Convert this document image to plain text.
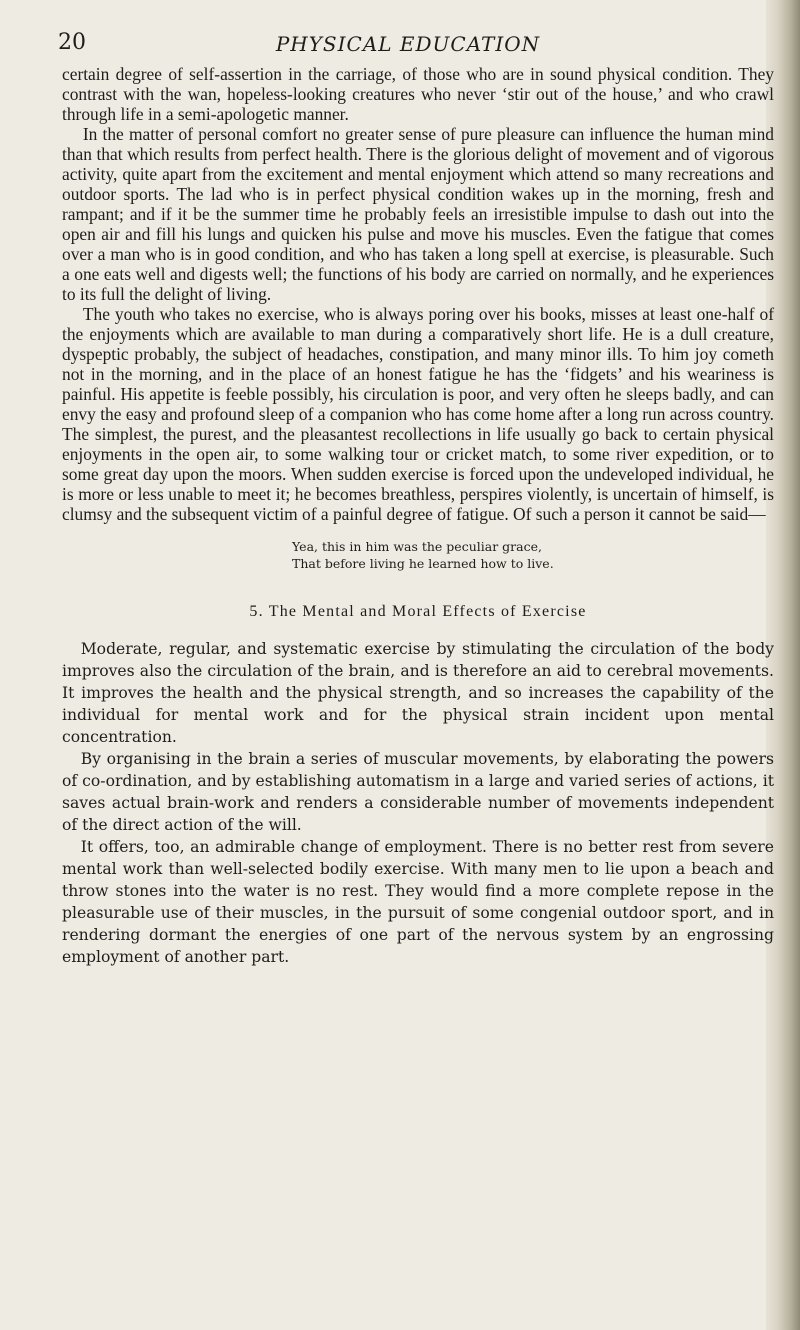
20	PHYSICAL EDUCATION

certain degree of self-assertion in the carriage, of those who are in sound physical condition. They contrast with the wan, hopeless-looking creatures who never ‘stir out of the house,’ and who crawl through life in a semi-apologetic manner.

In the matter of personal comfort no greater sense of pure pleasure can influence the human mind than that which results from perfect health. There is the glorious delight of movement and of vigorous activity, quite apart from the excitement and mental enjoyment which attend so many recreations and outdoor sports. The lad who is in perfect physical condition wakes up in the morning, fresh and rampant; and if it be the summer time he probably feels an irresistible impulse to dash out into the open air and fill his lungs and quicken his pulse and move his muscles. Even the fatigue that comes over a man who is in good condition, and who has taken a long spell at exercise, is pleasurable. Such a one eats well and digests well; the functions of his body are carried on normally, and he experiences to its full the delight of living.

The youth who takes no exercise, who is always poring over his books, misses at least one-half of the enjoyments which are available to man during a comparatively short life. He is a dull creature, dyspeptic probably, the subject of headaches, constipation, and many minor ills. To him joy cometh not in the morning, and in the place of an honest fatigue he has the ‘fidgets’ and his weariness is painful. His appetite is feeble possibly, his circulation is poor, and very often he sleeps badly, and can envy the easy and profound sleep of a companion who has come home after a long run across country. The simplest, the purest, and the pleasantest recollections in life usually go back to certain physical enjoyments in the open air, to some walking tour or cricket match, to some river expedition, or to some great day upon the moors. When sudden exercise is forced upon the undeveloped individual, he is more or less unable to meet it; he becomes breathless, perspires violently, is uncertain of himself, is clumsy and the subsequent victim of a painful degree of fatigue. Of such a person it cannot be said—

Yea, this in him was the peculiar grace,
That before living he learned how to live.
5. The Mental and Moral Effects of Exercise

Moderate, regular, and systematic exercise by stimulating the circulation of the body improves also the circulation of the brain, and is therefore an aid to cerebral movements. It improves the health and the physical strength, and so increases the capability of the individual for mental work and for the physical strain incident upon mental concentration.

By organising in the brain a series of muscular movements, by elaborating the powers of co-ordination, and by establishing automatism in a large and varied series of actions, it saves actual brain-work and renders a considerable number of movements independent of the direct action of the will.

It offers, too, an admirable change of employment. There is no better rest from severe mental work than well-selected bodily exercise. With many men to lie upon a beach and throw stones into the water is no rest. They would find a more complete repose in the pleasurable use of their muscles, in the pursuit of some congenial outdoor sport, and in rendering dormant the energies of one part of the nervous system by an engrossing employment of another part.
